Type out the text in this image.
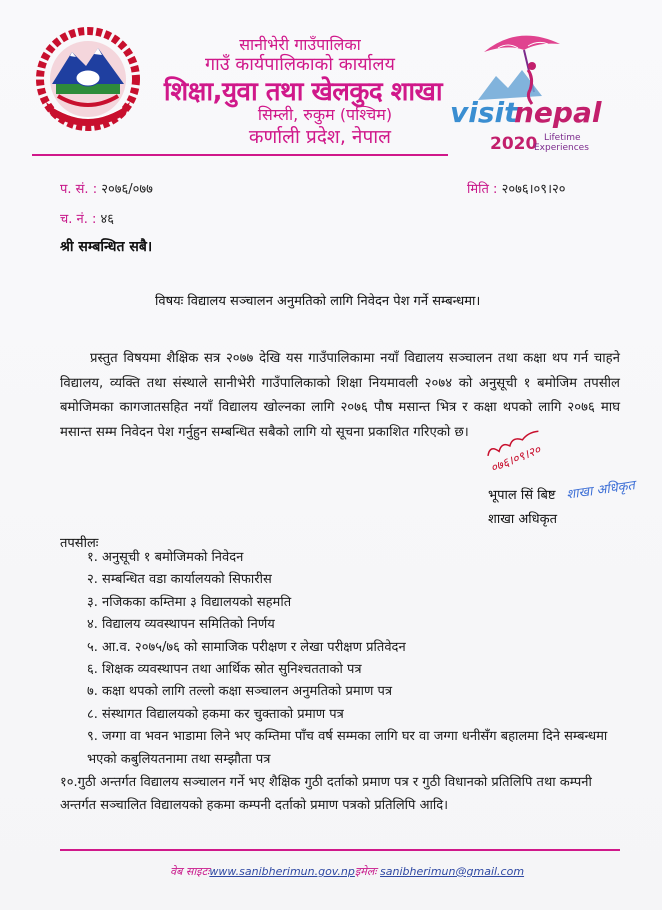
सानीभेरी गाउँपालिका
गाउँ कार्यपालिकाको कार्यालय
शिक्षा,युवा तथा खेलकुद शाखा
सिम्ली, रुकुम (पश्चिम)
कर्णाली प्रदेश, नेपाल
visit
nepal
2020 Lifetime
Experiences
प. सं. : २०७६/०७७	मिति : २०७६।०९।२०
च. नं. : ४६
श्री सम्बन्धित सबै।
विषयः विद्यालय सञ्चालन अनुमतिको लागि निवेदन पेश गर्ने सम्बन्धमा।

प्रस्तुत विषयमा शैक्षिक सत्र २०७७ देखि यस गाउँपालिकामा नयाँ विद्यालय सञ्चालन तथा कक्षा थप गर्न चाहने विद्यालय, व्यक्ति तथा संस्थाले सानीभेरी गाउँपालिकाको शिक्षा नियमावली २०७४ को अनुसूची १ बमोजिम तपसील बमोजिमका कागजातसहित नयाँ विद्यालय खोल्नका लागि २०७६ पौष मसान्त भित्र र कक्षा थपको लागि २०७६ माघ मसान्त सम्म निवेदन पेश गर्नुहुन सम्बन्धित सबैको लागि यो सूचना प्रकाशित गरिएको छ।

०७६।०९।२०
शाखा अधिकृत
भूपाल सिं बिष्ट
शाखा अधिकृत
तपसीलः
१. अनुसूची १ बमोजिमको निवेदन
२. सम्बन्धित वडा कार्यालयको सिफारीस
३. नजिकका कम्तिमा ३ विद्यालयको सहमति
४. विद्यालय व्यवस्थापन समितिको निर्णय
५. आ.व. २०७५/७६ को सामाजिक परीक्षण र लेखा परीक्षण प्रतिवेदन
६. शिक्षक व्यवस्थापन तथा आर्थिक स्रोत सुनिश्चतताको पत्र
७. कक्षा थपको लागि तल्लो कक्षा सञ्चालन अनुमतिको प्रमाण पत्र
८. संस्थागत विद्यालयको हकमा कर चुक्ताको प्रमाण पत्र
९. जग्गा वा भवन भाडामा लिने भए कम्तिमा पाँच वर्ष सम्मका लागि घर वा जग्गा धनीसँग बहालमा दिने सम्बन्धमा भएको कबुलियतनामा तथा सम्झौता पत्र
१०.गुठी अन्तर्गत विद्यालय सञ्चालन गर्ने भए शैक्षिक गुठी दर्ताको प्रमाण पत्र र गुठी विधानको प्रतिलिपि तथा कम्पनी अन्तर्गत सञ्चालित विद्यालयको हकमा कम्पनी दर्ताको प्रमाण पत्रको प्रतिलिपि आदि।
वेब साइटःwww.sanibherimun.gov.npइमेलः sanibherimun@gmail.com
